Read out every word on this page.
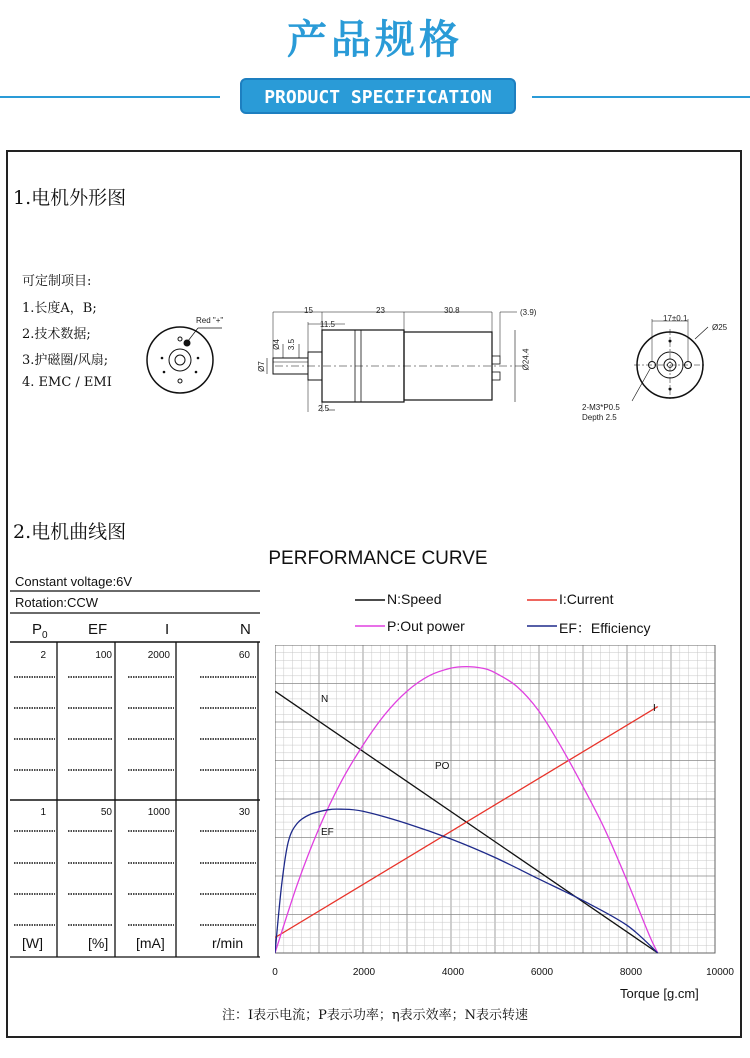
产品规格
PRODUCT SPECIFICATION
1.电机外形图
可定制项目:
1.长度A，B;
2.技术数据;
3.护磁圈/风扇;
4. EMC / EMI
Red "+"
15	23	30.8	(3.9)
11.5
Ø4 3.5
Ø7	Ø24.4
2.5
17±0.1
Ø25
2-M3*P0.5
Depth 2.5
2.电机曲线图
PERFORMANCE CURVE
Constant voltage:6V
Rotation:CCW
$P_0$	EF	I	N
2	100	2000	60
1	50	1000	30
[W]	[%] [mA]	r/min
N:Speed	I:Current
P:Out power	EF：Efficiency
N
I
PO
EF
0	2000	4000	6000	8000	10000
Torque [g.cm]
注：I表示电流；P表示功率；η表示效率；N表示转速
